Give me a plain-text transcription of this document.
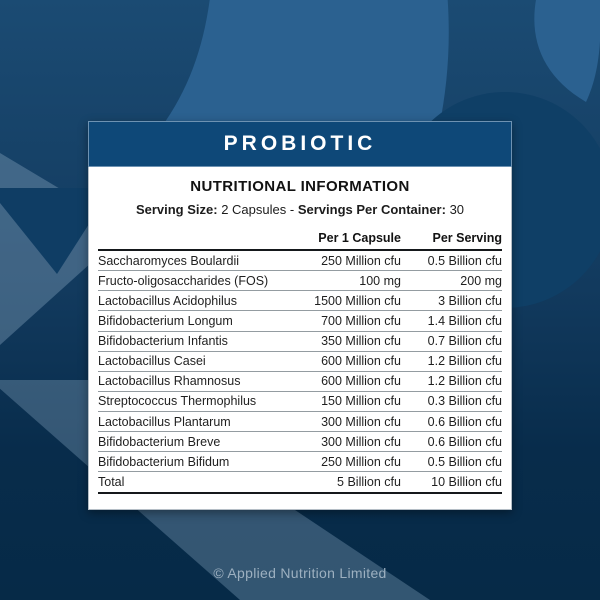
PROBIOTIC
NUTRITIONAL INFORMATION
Serving Size: 2 Capsules - Servings Per Container: 30
	Per 1 Capsule	Per Serving
Saccharomyces Boulardii	250 Million cfu	0.5 Billion cfu
Fructo-oligosaccharides (FOS)	100 mg	200 mg
Lactobacillus Acidophilus	1500 Million cfu	3 Billion cfu
Bifidobacterium Longum	700 Million cfu	1.4 Billion cfu
Bifidobacterium Infantis	350 Million cfu	0.7 Billion cfu
Lactobacillus Casei	600 Million cfu	1.2 Billion cfu
Lactobacillus Rhamnosus	600 Million cfu	1.2 Billion cfu
Streptococcus Thermophilus	150 Million cfu	0.3 Billion cfu
Lactobacillus Plantarum	300 Million cfu	0.6 Billion cfu
Bifidobacterium Breve	300 Million cfu	0.6 Billion cfu
Bifidobacterium Bifidum	250 Million cfu	0.5 Billion cfu
Total	5 Billion cfu	10 Billion cfu
© Applied Nutrition Limited
